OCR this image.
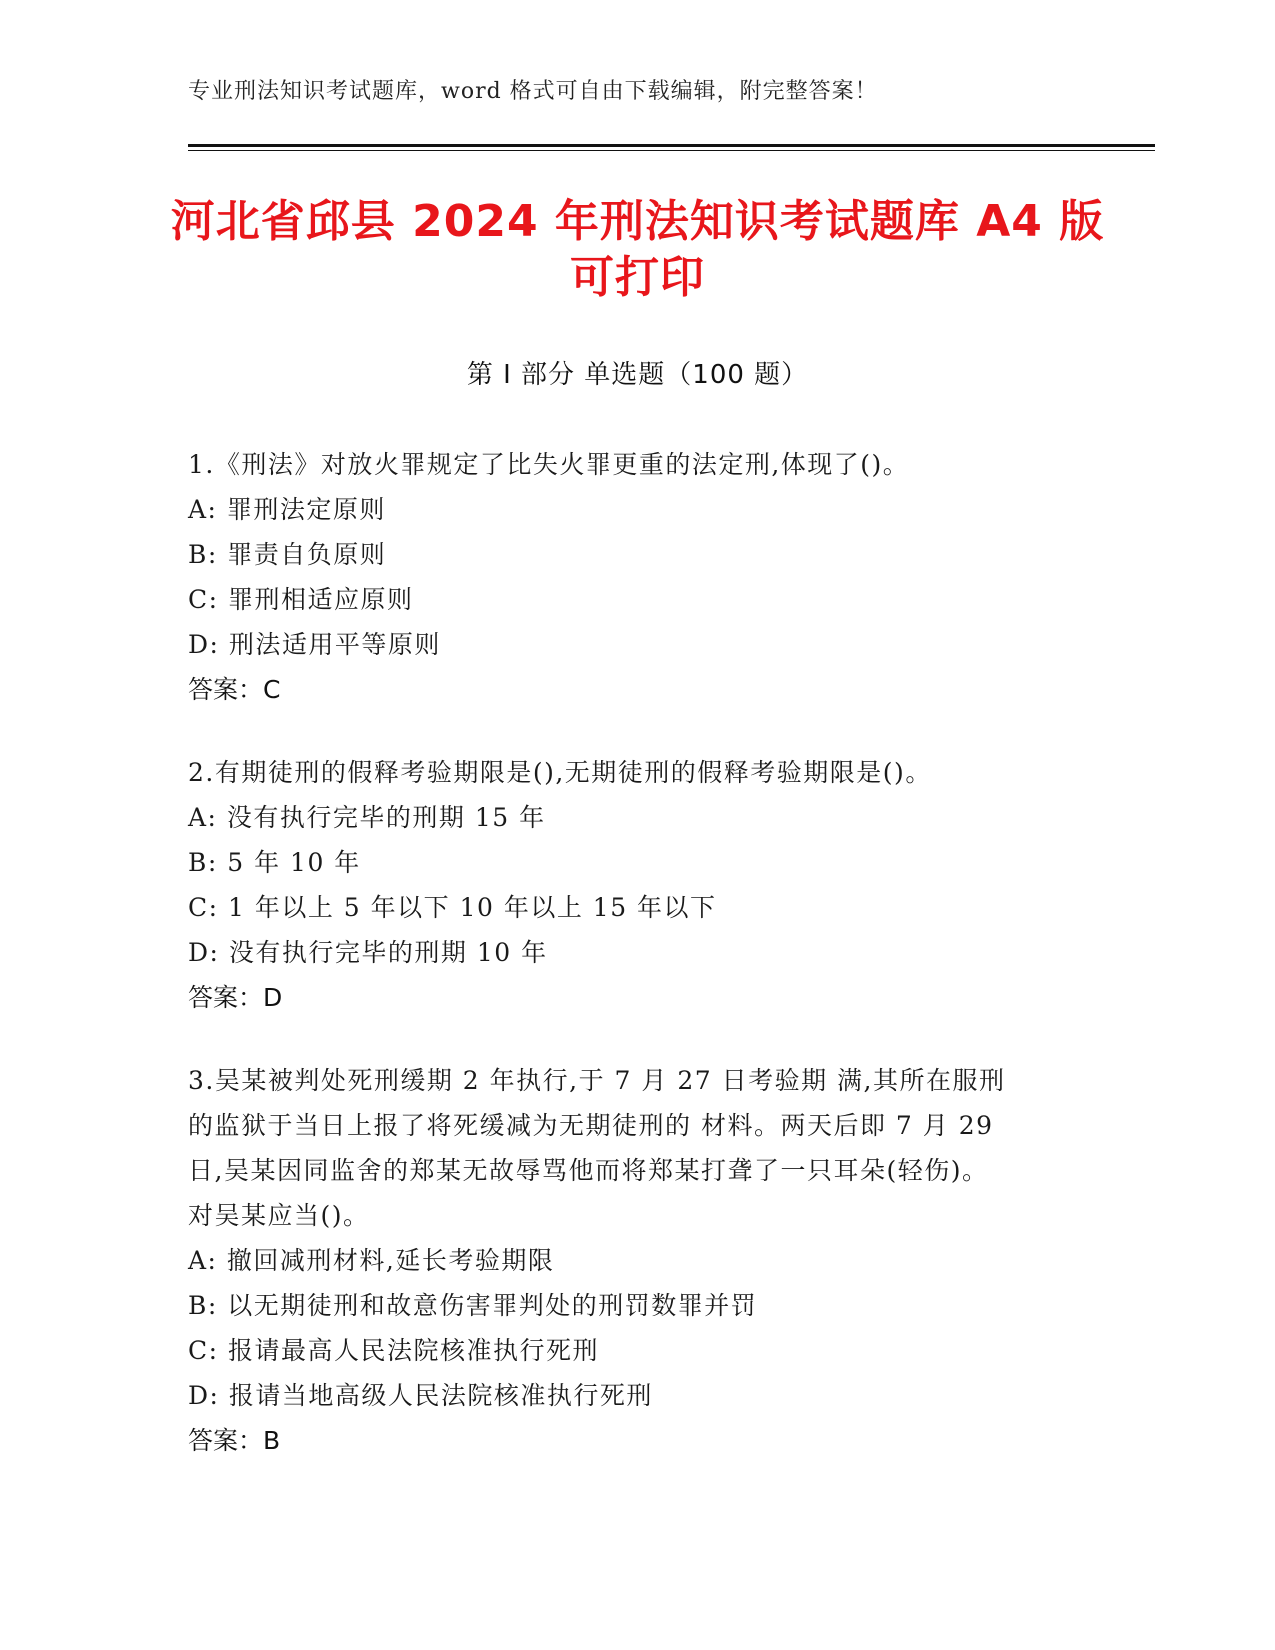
专业刑法知识考试题库，word 格式可自由下载编辑，附完整答案！
河北省邱县 2024 年刑法知识考试题库 A4 版
可打印
第 I 部分 单选题（100 题）
1.《刑法》对放火罪规定了比失火罪更重的法定刑,体现了()。
A: 罪刑法定原则
B: 罪责自负原则
C: 罪刑相适应原则
D: 刑法适用平等原则
答案：C
2.有期徒刑的假释考验期限是(),无期徒刑的假释考验期限是()。
A: 没有执行完毕的刑期 15 年
B: 5 年 10 年
C: 1 年以上 5 年以下 10 年以上 15 年以下
D: 没有执行完毕的刑期 10 年
答案：D
3.吴某被判处死刑缓期 2 年执行,于 7 月 27 日考验期 满,其所在服刑
的监狱于当日上报了将死缓减为无期徒刑的 材料。两天后即 7 月 29
日,吴某因同监舍的郑某无故辱骂他而将郑某打聋了一只耳朵(轻伤)。
对吴某应当()。
A: 撤回减刑材料,延长考验期限
B: 以无期徒刑和故意伤害罪判处的刑罚数罪并罚
C: 报请最高人民法院核准执行死刑
D: 报请当地高级人民法院核准执行死刑
答案：B
